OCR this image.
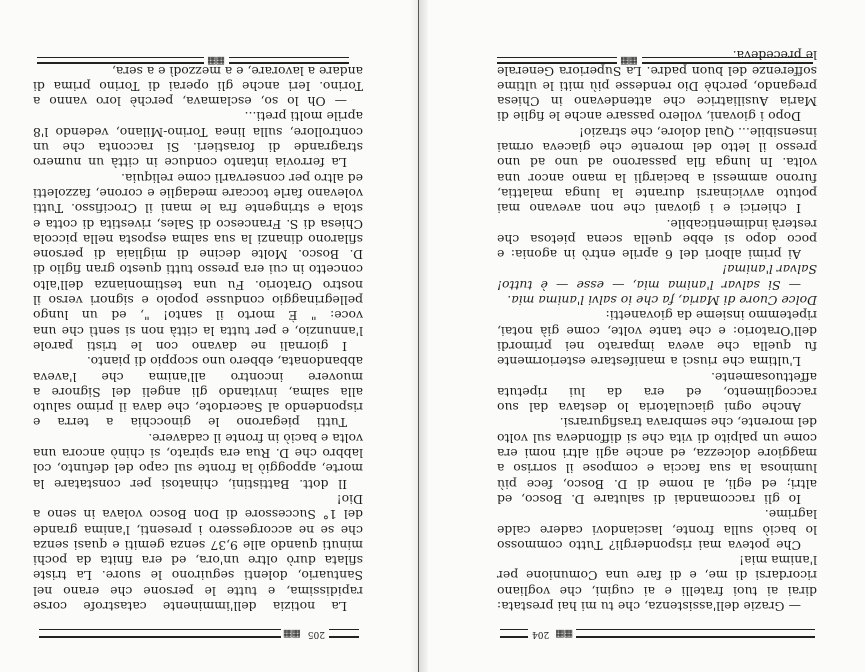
▦▦
204

— Grazie dell'assistenza, che tu mi hai prestata: dirai ai tuoi fratelli e ai cugini, che vogliano ricordarsi di me, e di fare una Comunione per l'anima mia!

Che poteva mai rispondergli? Tutto commosso lo baciò sulla fronte, lasciandovi cadere calde lagrime.

Io gli raccomandai di salutare D. Bosco, ed altri; ed egli, al nome di D. Bosco, fece più luminosa la sua faccia e compose il sorriso a maggiore dolcezza, ed anche agli altri nomi era come un palpito di vita che si diffondeva sul volto del morente, che sembrava trasfigurarsi.

Anche ogni giaculatoria lo destava dal suo raccoglimento, ed era da lui ripetuta affettuosamente.

L'ultima che riuscì a manifestare esteriormente fu quella che aveva imparato nei primordi dell'Oratorio: e che tante volte, come già notai, ripetemmo insieme da giovanetti:

Dolce Cuore di Maria, fa che io salvi l'anima mia.

— Si salvar l'anima mia, — esse — è tutto! Salvar l'anima!

Ai primi albori del 6 aprile entrò in agonia: e poco dopo si ebbe quella scena pietosa che resterà indimenticabile.

I chierici e i giovani che non avevano mai potuto avvicinarsi durante la lunga malattia, furono ammessi a baciargli la mano ancor una volta. In lunga fila passarono ad uno ad uno presso il letto del morente che giaceva ormai insensibile... Qual dolore, che strazio!

Dopo i giovani, vollero passare anche le figlie di Maria Ausiliatrice che attendevano in Chiesa pregando, perchè Dio rendesse più miti le ultime sofferenze del buon padre. La Superiora Generale le precedeva.

▦▦
205
▦▦

La notizia dell'imminente catastrofe corse rapidissima, e tutte le persone che erano nel Santuario, dolenti seguirono le suore. La triste sfilata durò oltre un'ora, ed era finita da pochi minuti quando alle 9,37 senza gemiti e quasi senza che se ne accorgessero i presenti, l'anima grande del 1° Successore di Don Bosco volava in seno a Dio!

Il dott. Battistini, chinatosi per constatare la morte, appoggiò la fronte sul capo del defunto, col labbro che D. Rua era spirato, si chinò ancora una volta e baciò in fronte il cadavere.

Tutti piegarono le ginocchia a terra e rispondendo al Sacerdote, che dava il primo saluto alla salma, invitando gli angeli del Signore a muovere incontro all'anima che l'aveva abbandonata, ebbero uno scoppio di pianto.

I giornali ne davano con le tristi parole l'annunzio, e per tutta la città non si sentì che una voce: " È morto il santo! ", ed un lungo pellegrinaggio condusse popolo e signori verso il nostro Oratorio. Fu una testimonianza dell'alto concetto in cui era presso tutti questo gran figlio di D. Bosco. Molte decine di migliaia di persone sfilarono dinanzi la sua salma esposta nella piccola Chiesa di S. Francesco di Sales, rivestita di cotta e stola e stringente fra le mani il Crocifisso. Tutti volevano farle toccare medaglie e corone, fazzoletti ed altro per conservarli come reliquia.

La ferrovia intanto conduce in città un numero stragrande di forastieri. Si racconta che un controllore, sulla linea Torino-Milano, vedendo l'8 aprile molti preti...

— Oh lo so, esclamava, perchè loro vanno a Torino. Ieri anche gli operai di Torino prima di andare a lavorare, e a mezzodì e a sera,

▦▦
